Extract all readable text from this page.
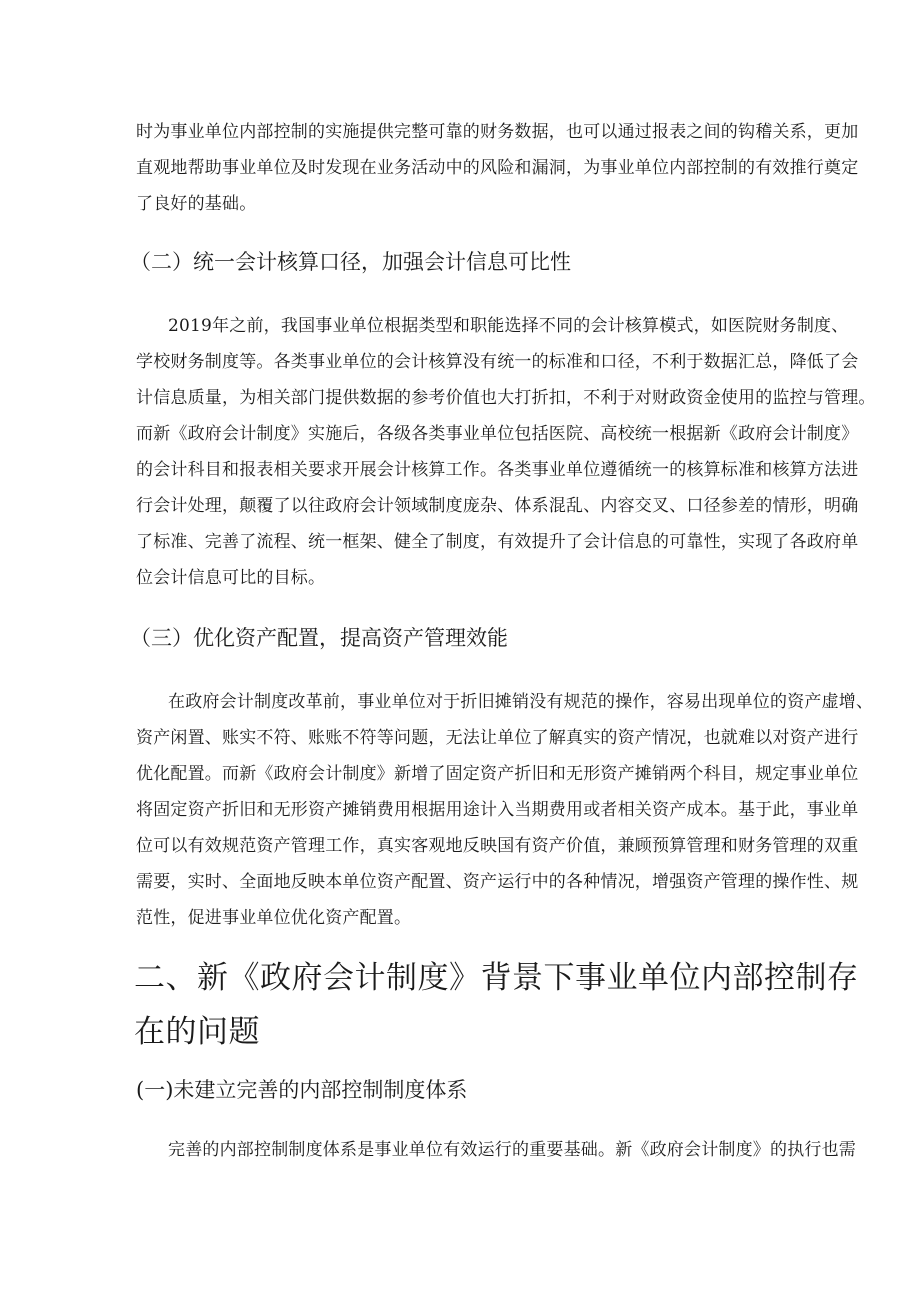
时为事业单位内部控制的实施提供完整可靠的财务数据，也可以通过报表之间的钩稽关系，更加
直观地帮助事业单位及时发现在业务活动中的风险和漏洞，为事业单位内部控制的有效推行奠定
了良好的基础。
（二）统一会计核算口径，加强会计信息可比性
2019年之前，我国事业单位根据类型和职能选择不同的会计核算模式，如医院财务制度、
学校财务制度等。各类事业单位的会计核算没有统一的标准和口径，不利于数据汇总，降低了会
计信息质量，为相关部门提供数据的参考价值也大打折扣，不利于对财政资金使用的监控与管理。
而新《政府会计制度》实施后，各级各类事业单位包括医院、高校统一根据新《政府会计制度》
的会计科目和报表相关要求开展会计核算工作。各类事业单位遵循统一的核算标准和核算方法进
行会计处理，颠覆了以往政府会计领域制度庞杂、体系混乱、内容交叉、口径参差的情形，明确
了标准、完善了流程、统一框架、健全了制度，有效提升了会计信息的可靠性，实现了各政府单
位会计信息可比的目标。
（三）优化资产配置，提高资产管理效能
在政府会计制度改革前，事业单位对于折旧摊销没有规范的操作，容易出现单位的资产虚增、
资产闲置、账实不符、账账不符等问题，无法让单位了解真实的资产情况，也就难以对资产进行
优化配置。而新《政府会计制度》新增了固定资产折旧和无形资产摊销两个科目，规定事业单位
将固定资产折旧和无形资产摊销费用根据用途计入当期费用或者相关资产成本。基于此，事业单
位可以有效规范资产管理工作，真实客观地反映国有资产价值，兼顾预算管理和财务管理的双重
需要，实时、全面地反映本单位资产配置、资产运行中的各种情况，增强资产管理的操作性、规
范性，促进事业单位优化资产配置。
二、新《政府会计制度》背景下事业单位内部控制存
在的问题
(一)未建立完善的内部控制制度体系
完善的内部控制制度体系是事业单位有效运行的重要基础。新《政府会计制度》的执行也需
